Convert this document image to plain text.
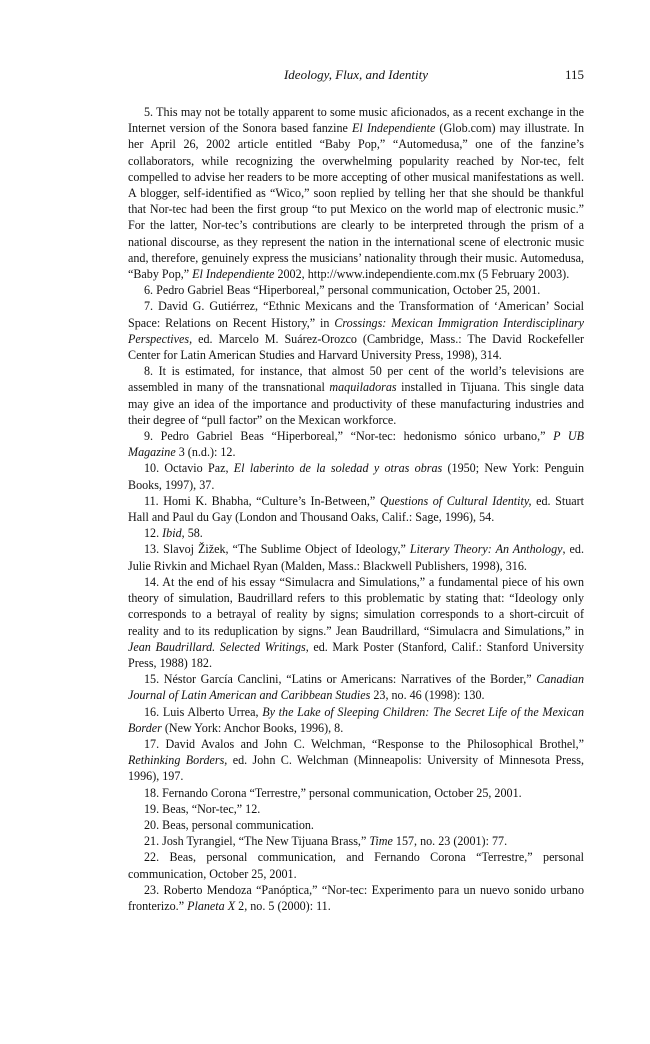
Ideology, Flux, and Identity	115

5. This may not be totally apparent to some music aficionados, as a recent exchange in the Internet version of the Sonora based fanzine El Independiente (Glob.com) may illustrate. In her April 26, 2002 article entitled “Baby Pop,” “Automedusa,” one of the fanzine’s collaborators, while recognizing the overwhelming popularity reached by Nor-tec, felt compelled to advise her readers to be more accepting of other musical manifestations as well. A blogger, self-identified as “Wico,” soon replied by telling her that she should be thankful that Nor-tec had been the first group “to put Mexico on the world map of electronic music.” For the latter, Nor-tec’s contributions are clearly to be interpreted through the prism of a national discourse, as they represent the nation in the international scene of electronic music and, therefore, genuinely express the musicians’ nationality through their music. Automedusa, “Baby Pop,” El Independiente 2002, http://www.independiente.com.mx (5 February 2003).

6. Pedro Gabriel Beas “Hiperboreal,” personal communication, October 25, 2001.

7. David G. Gutiérrez, “Ethnic Mexicans and the Transformation of ‘American’ Social Space: Relations on Recent History,” in Crossings: Mexican Immigration Interdisciplinary Perspectives, ed. Marcelo M. Suárez-Orozco (Cambridge, Mass.: The David Rockefeller Center for Latin American Studies and Harvard University Press, 1998), 314.

8. It is estimated, for instance, that almost 50 per cent of the world’s televisions are assembled in many of the transnational maquiladoras installed in Tijuana. This single data may give an idea of the importance and productivity of these manufacturing industries and their degree of “pull factor” on the Mexican workforce.

9. Pedro Gabriel Beas “Hiperboreal,” “Nor-tec: hedonismo sónico urbano,” P UB Magazine 3 (n.d.): 12.

10. Octavio Paz, El laberinto de la soledad y otras obras (1950; New York: Penguin Books, 1997), 37.

11. Homi K. Bhabha, “Culture’s In-Between,” Questions of Cultural Identity, ed. Stuart Hall and Paul du Gay (London and Thousand Oaks, Calif.: Sage, 1996), 54.

12. Ibid, 58.

13. Slavoj Žižek, “The Sublime Object of Ideology,” Literary Theory: An Anthology, ed. Julie Rivkin and Michael Ryan (Malden, Mass.: Blackwell Publishers, 1998), 316.

14. At the end of his essay “Simulacra and Simulations,” a fundamental piece of his own theory of simulation, Baudrillard refers to this problematic by stating that: “Ideology only corresponds to a betrayal of reality by signs; simulation corresponds to a short-circuit of reality and to its reduplication by signs.” Jean Baudrillard, “Simulacra and Simulations,” in Jean Baudrillard. Selected Writings, ed. Mark Poster (Stanford, Calif.: Stanford University Press, 1988) 182.

15. Néstor García Canclini, “Latins or Americans: Narratives of the Border,” Canadian Journal of Latin American and Caribbean Studies 23, no. 46 (1998): 130.

16. Luis Alberto Urrea, By the Lake of Sleeping Children: The Secret Life of the Mexican Border (New York: Anchor Books, 1996), 8.

17. David Avalos and John C. Welchman, “Response to the Philosophical Brothel,” Rethinking Borders, ed. John C. Welchman (Minneapolis: University of Minnesota Press, 1996), 197.

18. Fernando Corona “Terrestre,” personal communication, October 25, 2001.

19. Beas, “Nor-tec,” 12.

20. Beas, personal communication.

21. Josh Tyrangiel, “The New Tijuana Brass,” Time 157, no. 23 (2001): 77.

22. Beas, personal communication, and Fernando Corona “Terrestre,” personal communication, October 25, 2001.

23. Roberto Mendoza “Panóptica,” “Nor-tec: Experimento para un nuevo sonido urbano fronterizo.” Planeta X 2, no. 5 (2000): 11.
